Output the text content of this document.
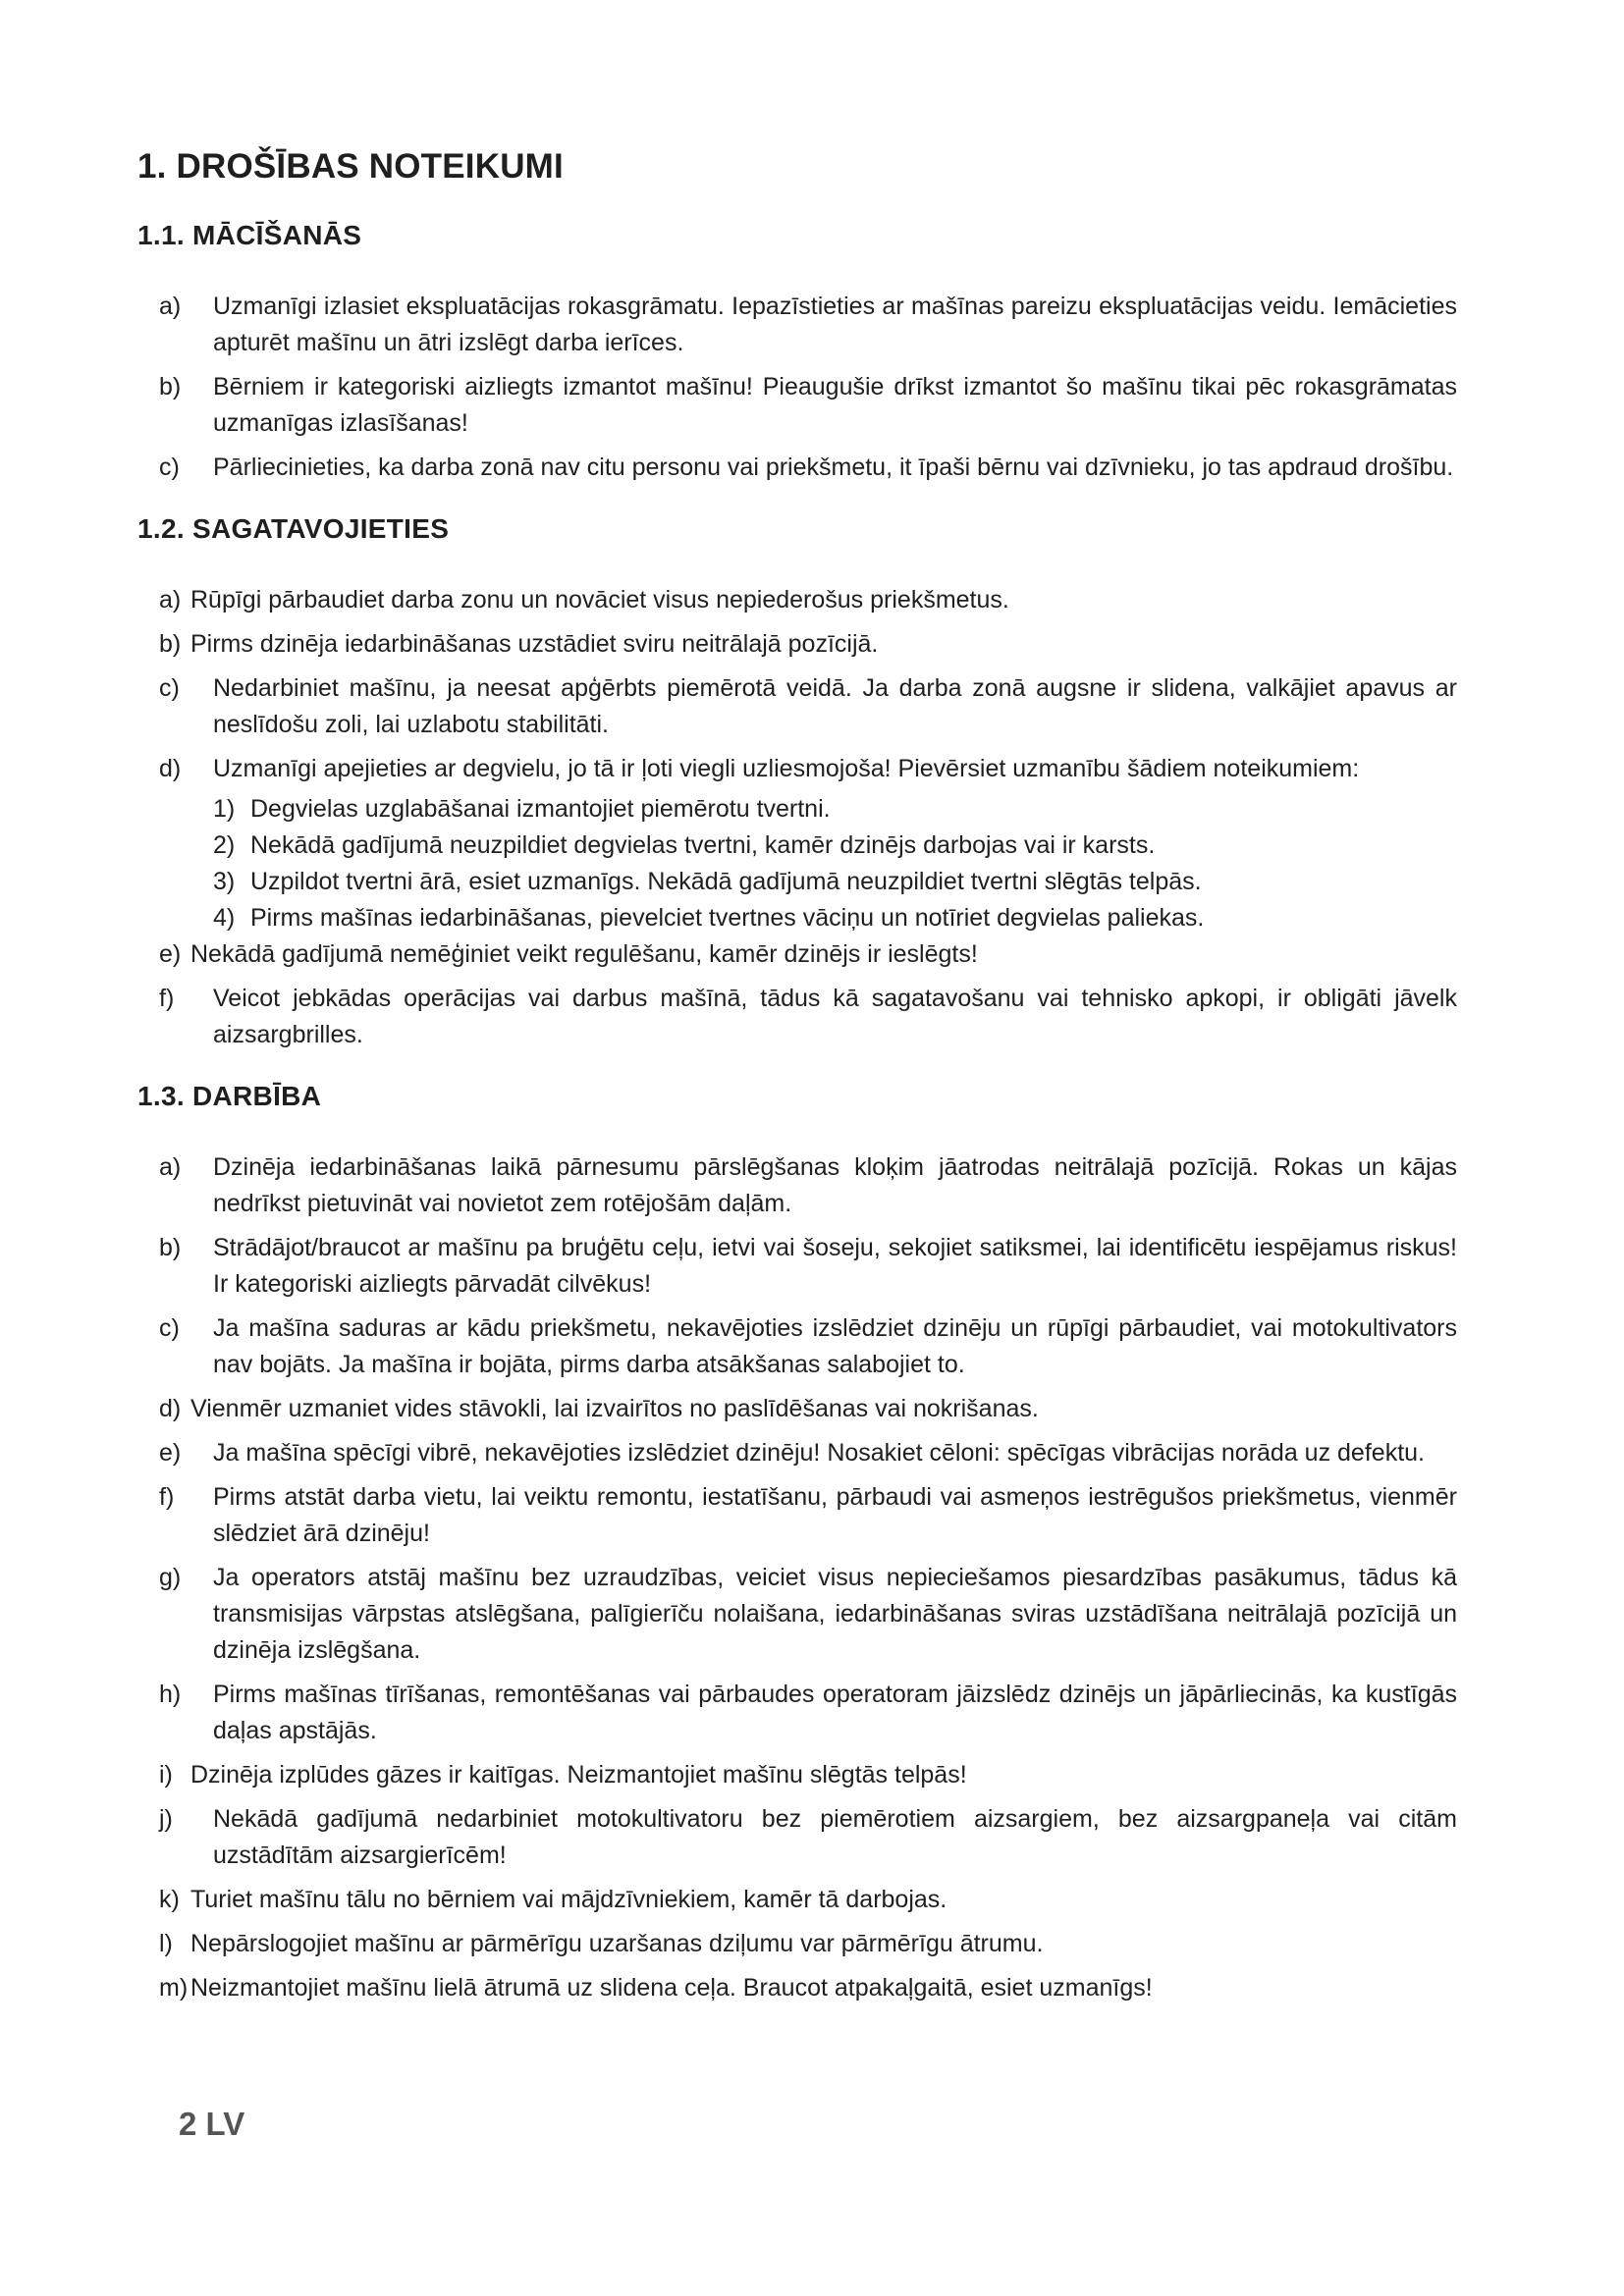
1. DROŠĪBAS NOTEIKUMI
1.1. MĀCĪŠANĀS
a)	Uzmanīgi izlasiet ekspluatācijas rokasgrāmatu. Iepazīstieties ar mašīnas pareizu ekspluatācijas veidu. Iemācieties apturēt mašīnu un ātri izslēgt darba ierīces.
b)	Bērniem ir kategoriski aizliegts izmantot mašīnu! Pieaugušie drīkst izmantot šo mašīnu tikai pēc rokasgrāmatas uzmanīgas izlasīšanas!
c)	Pārliecinieties, ka darba zonā nav citu personu vai priekšmetu, it īpaši bērnu vai dzīvnieku, jo tas apdraud drošību.
1.2. SAGATAVOJIETIES
a) Rūpīgi pārbaudiet darba zonu un novāciet visus nepiederošus priekšmetus.
b) Pirms dzinēja iedarbināšanas uzstādiet sviru neitrālajā pozīcijā.
c)	Nedarbiniet mašīnu, ja neesat apģērbts piemērotā veidā. Ja darba zonā augsne ir slidena, valkājiet apavus ar neslīdošu zoli, lai uzlabotu stabilitāti.
d)	Uzmanīgi apejieties ar degvielu, jo tā ir ļoti viegli uzliesmojoša! Pievērsiet uzmanību šādiem noteikumiem:
1) Degvielas uzglabāšanai izmantojiet piemērotu tvertni.
2) Nekādā gadījumā neuzpildiet degvielas tvertni, kamēr dzinējs darbojas vai ir karsts.
3) Uzpildot tvertni ārā, esiet uzmanīgs. Nekādā gadījumā neuzpildiet tvertni slēgtās telpās.
4) Pirms mašīnas iedarbināšanas, pievelciet tvertnes vāciņu un notīriet degvielas paliekas.
e) Nekādā gadījumā nemēģiniet veikt regulēšanu, kamēr dzinējs ir ieslēgts!
f)	Veicot jebkādas operācijas vai darbus mašīnā, tādus kā sagatavošanu vai tehnisko apkopi, ir obligāti jāvelk aizsargbrilles.
1.3. DARBĪBA
a)	Dzinēja iedarbināšanas laikā pārnesumu pārslēgšanas kloķim jāatrodas neitrālajā pozīcijā. Rokas un kājas nedrīkst pietuvināt vai novietot zem rotējošām daļām.
b)	Strādājot/braucot ar mašīnu pa bruģētu ceļu, ietvi vai šoseju, sekojiet satiksmei, lai identificētu iespējamus riskus! Ir kategoriski aizliegts pārvadāt cilvēkus!
c)	Ja mašīna saduras ar kādu priekšmetu, nekavējoties izslēdziet dzinēju un rūpīgi pārbaudiet, vai motokultivators nav bojāts. Ja mašīna ir bojāta, pirms darba atsākšanas salabojiet to.
d) Vienmēr uzmaniet vides stāvokli, lai izvairītos no paslīdēšanas vai nokrišanas.
e)	Ja mašīna spēcīgi vibrē, nekavējoties izslēdziet dzinēju! Nosakiet cēloni: spēcīgas vibrācijas norāda uz defektu.
f)	Pirms atstāt darba vietu, lai veiktu remontu, iestatīšanu, pārbaudi vai asmeņos iestrēgušos priekšmetus, vienmēr slēdziet ārā dzinēju!
g)	Ja operators atstāj mašīnu bez uzraudzības, veiciet visus nepieciešamos piesardzības pasākumus, tādus kā transmisijas vārpstas atslēgšana, palīgierīču nolaišana, iedarbināšanas sviras uzstādīšana neitrālajā pozīcijā un dzinēja izslēgšana.
h)	Pirms mašīnas tīrīšanas, remontēšanas vai pārbaudes operatoram jāizslēdz dzinējs un jāpārliecinās, ka kustīgās daļas apstājās.
i) Dzinēja izplūdes gāzes ir kaitīgas. Neizmantojiet mašīnu slēgtās telpās!
j)	Nekādā gadījumā nedarbiniet motokultivatoru bez piemērotiem aizsargiem, bez aizsargpaneļa vai citām uzstādītām aizsargierīcēm!
k) Turiet mašīnu tālu no bērniem vai mājdzīvniekiem, kamēr tā darbojas.
l) Nepārslogojiet mašīnu ar pārmērīgu uzaršanas dziļumu var pārmērīgu ātrumu.
m) Neizmantojiet mašīnu lielā ātrumā uz slidena ceļa. Braucot atpakaļgaitā, esiet uzmanīgs!
2 LV
